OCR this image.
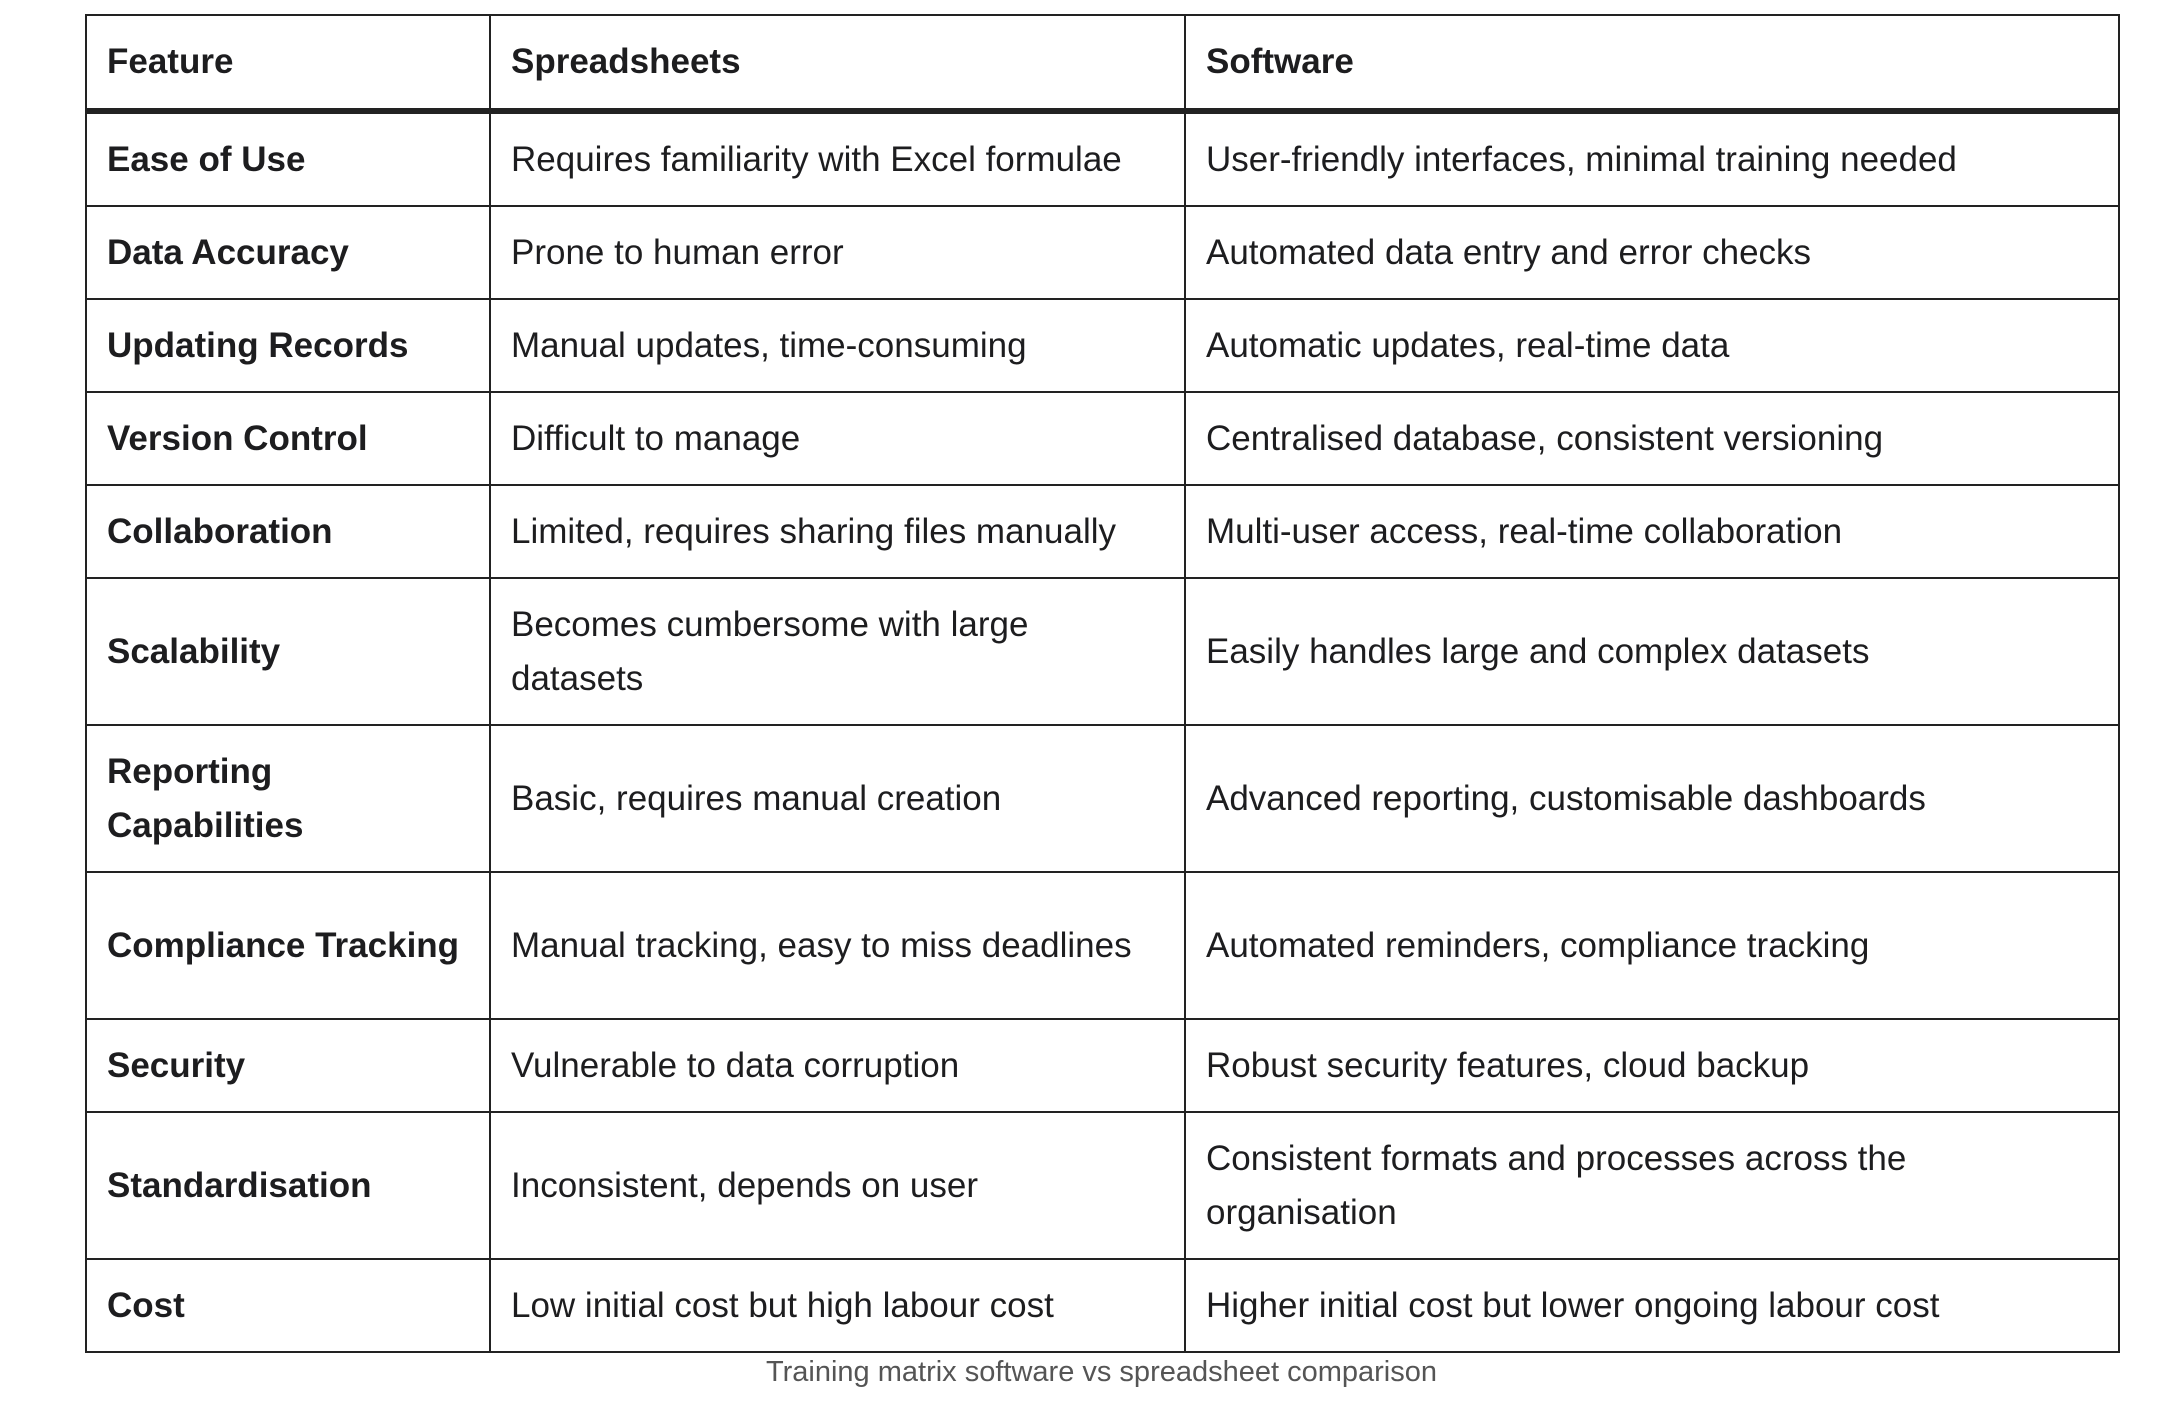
Feature	Spreadsheets	Software
Ease of Use	Requires familiarity with Excel formulae	User-friendly interfaces, minimal training needed
Data Accuracy	Prone to human error	Automated data entry and error checks
Updating Records	Manual updates, time-consuming	Automatic updates, real-time data
Version Control	Difficult to manage	Centralised database, consistent versioning
Collaboration	Limited, requires sharing files manually	Multi-user access, real-time collaboration
Scalability	Becomes cumbersome with large datasets	Easily handles large and complex datasets
Reporting Capabilities	Basic, requires manual creation	Advanced reporting, customisable dashboards
Compliance Tracking	Manual tracking, easy to miss deadlines	Automated reminders, compliance tracking
Security	Vulnerable to data corruption	Robust security features, cloud backup
Standardisation	Inconsistent, depends on user	Consistent formats and processes across the organisation
Cost	Low initial cost but high labour cost	Higher initial cost but lower ongoing labour cost
Training matrix software vs spreadsheet comparison
